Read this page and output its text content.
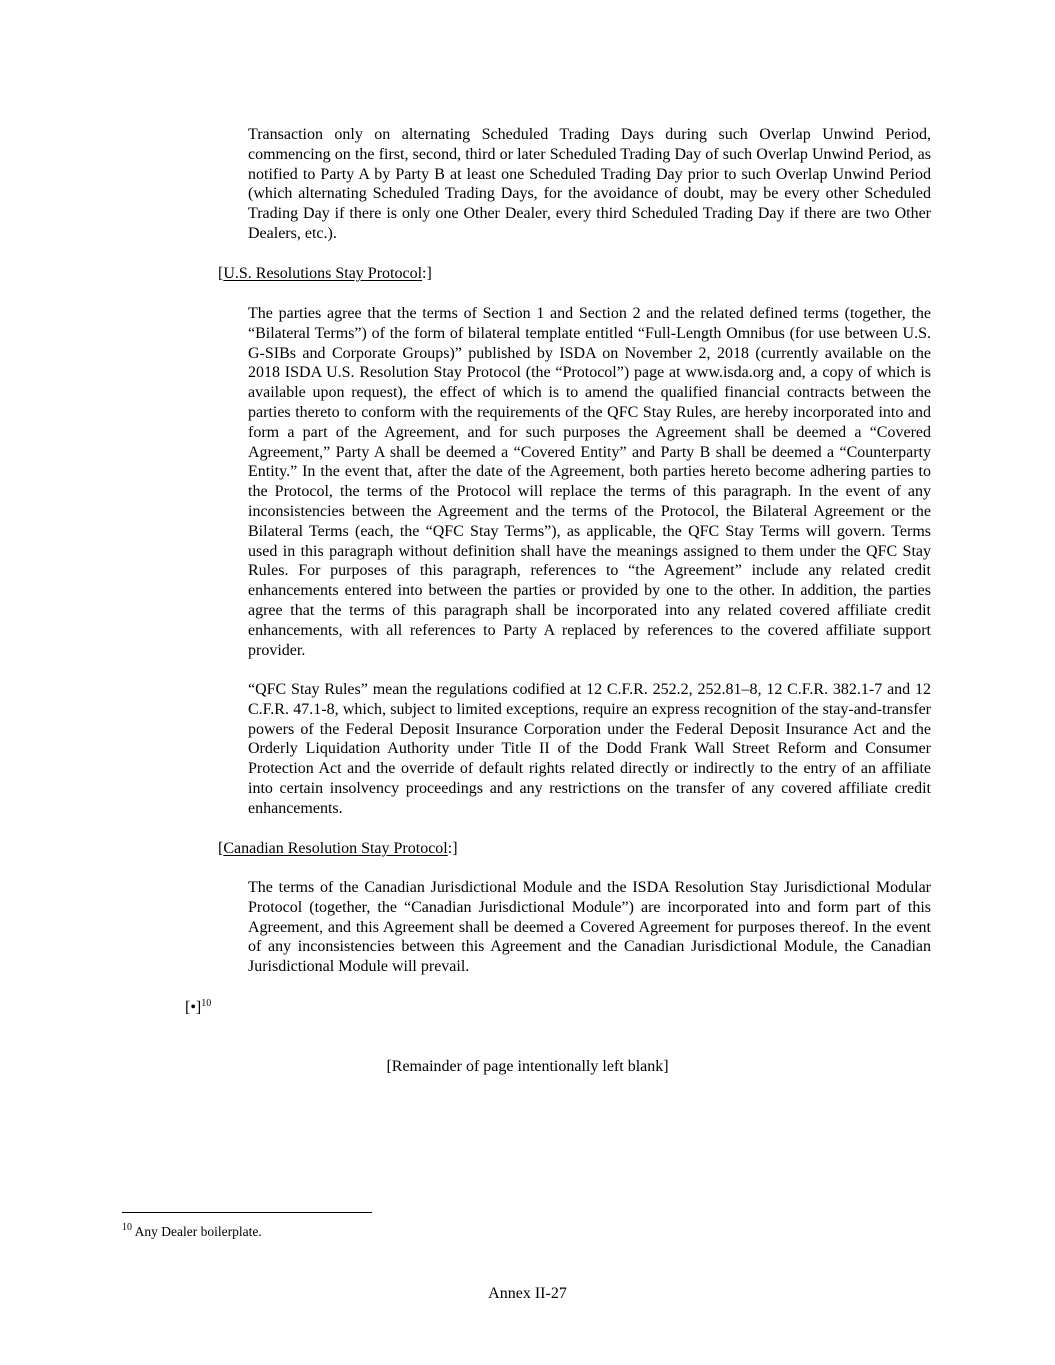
Transaction only on alternating Scheduled Trading Days during such Overlap Unwind Period, commencing on the first, second, third or later Scheduled Trading Day of such Overlap Unwind Period, as notified to Party A by Party B at least one Scheduled Trading Day prior to such Overlap Unwind Period (which alternating Scheduled Trading Days, for the avoidance of doubt, may be every other Scheduled Trading Day if there is only one Other Dealer, every third Scheduled Trading Day if there are two Other Dealers, etc.).

[U.S. Resolutions Stay Protocol:]

The parties agree that the terms of Section 1 and Section 2 and the related defined terms (together, the “Bilateral Terms”) of the form of bilateral template entitled “Full-Length Omnibus (for use between U.S. G-SIBs and Corporate Groups)” published by ISDA on November 2, 2018 (currently available on the 2018 ISDA U.S. Resolution Stay Protocol (the “Protocol”) page at www.isda.org and, a copy of which is available upon request), the effect of which is to amend the qualified financial contracts between the parties thereto to conform with the requirements of the QFC Stay Rules, are hereby incorporated into and form a part of the Agreement, and for such purposes the Agreement shall be deemed a “Covered Agreement,” Party A shall be deemed a “Covered Entity” and Party B shall be deemed a “Counterparty Entity.” In the event that, after the date of the Agreement, both parties hereto become adhering parties to the Protocol, the terms of the Protocol will replace the terms of this paragraph. In the event of any inconsistencies between the Agreement and the terms of the Protocol, the Bilateral Agreement or the Bilateral Terms (each, the “QFC Stay Terms”), as applicable, the QFC Stay Terms will govern. Terms used in this paragraph without definition shall have the meanings assigned to them under the QFC Stay Rules. For purposes of this paragraph, references to “the Agreement” include any related credit enhancements entered into between the parties or provided by one to the other. In addition, the parties agree that the terms of this paragraph shall be incorporated into any related covered affiliate credit enhancements, with all references to Party A replaced by references to the covered affiliate support provider.

“QFC Stay Rules” mean the regulations codified at 12 C.F.R. 252.2, 252.81–8, 12 C.F.R. 382.1-7 and 12 C.F.R. 47.1-8, which, subject to limited exceptions, require an express recognition of the stay-and-transfer powers of the Federal Deposit Insurance Corporation under the Federal Deposit Insurance Act and the Orderly Liquidation Authority under Title II of the Dodd Frank Wall Street Reform and Consumer Protection Act and the override of default rights related directly or indirectly to the entry of an affiliate into certain insolvency proceedings and any restrictions on the transfer of any covered affiliate credit enhancements.

[Canadian Resolution Stay Protocol:]

The terms of the Canadian Jurisdictional Module and the ISDA Resolution Stay Jurisdictional Modular Protocol (together, the “Canadian Jurisdictional Module”) are incorporated into and form part of this Agreement, and this Agreement shall be deemed a Covered Agreement for purposes thereof. In the event of any inconsistencies between this Agreement and the Canadian Jurisdictional Module, the Canadian Jurisdictional Module will prevail.

[•]$^{10}$

[Remainder of page intentionally left blank]

$^{10}$ Any Dealer boilerplate.

Annex II-27
